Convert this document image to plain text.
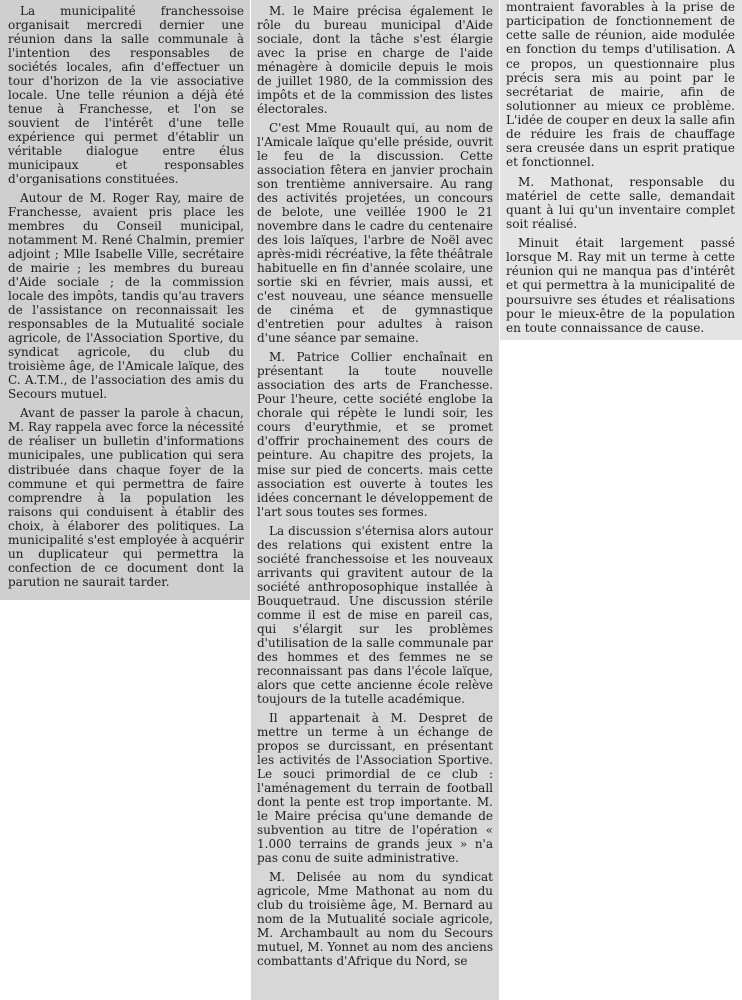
La municipalité franchessoise organisait mercredi dernier une réunion dans la salle communale à l'intention des responsables de sociétés locales, afin d'effectuer un tour d'horizon de la vie associative locale. Une telle réunion a déjà été tenue à Franchesse, et l'on se souvient de l'intérêt d'une telle expérience qui permet d'établir un véritable dialogue entre élus municipaux et responsables d'organisations constituées.

Autour de M. Roger Ray, maire de Franchesse, avaient pris place les membres du Conseil municipal, notamment M. René Chalmin, premier adjoint ; Mlle Isabelle Ville, secrétaire de mairie ; les membres du bureau d'Aide sociale ; de la commission locale des impôts, tandis qu'au travers de l'assistance on reconnaissait les responsables de la Mutualité sociale agricole, de l'Association Sportive, du syndicat agricole, du club du troisième âge, de l'Amicale laïque, des C. A.T.M., de l'association des amis du Secours mutuel.

Avant de passer la parole à chacun, M. Ray rappela avec force la nécessité de réaliser un bulletin d'informations municipales, une publication qui sera distribuée dans chaque foyer de la commune et qui permettra de faire comprendre à la population les raisons qui conduisent à établir des choix, à élaborer des politiques. La municipalité s'est employée à acquérir un duplicateur qui permettra la confection de ce document dont la parution ne saurait tarder.

M. le Maire précisa également le rôle du bureau municipal d'Aide sociale, dont la tâche s'est élargie avec la prise en charge de l'aide ménagère à domicile depuis le mois de juillet 1980, de la commission des impôts et de la commission des listes électorales.

C'est Mme Rouault qui, au nom de l'Amicale laïque qu'elle préside, ouvrit le feu de la discussion. Cette association fêtera en janvier prochain son trentième anniversaire. Au rang des activités projetées, un concours de belote, une veillée 1900 le 21 novembre dans le cadre du centenaire des lois laïques, l'arbre de Noël avec après-midi récréative, la fête théâtrale habituelle en fin d'année scolaire, une sortie ski en février, mais aussi, et c'est nouveau, une séance mensuelle de cinéma et de gymnastique d'entretien pour adultes à raison d'une séance par semaine.

M. Patrice Collier enchaînait en présentant la toute nouvelle association des arts de Franchesse. Pour l'heure, cette société englobe la chorale qui répète le lundi soir, les cours d'eurythmie, et se promet d'offrir prochainement des cours de peinture. Au chapitre des projets, la mise sur pied de concerts. mais cette association est ouverte à toutes les idées concernant le développement de l'art sous toutes ses formes.

La discussion s'éternisa alors autour des relations qui existent entre la société franchessoise et les nouveaux arrivants qui gravitent autour de la société anthroposophique installée à Bouquetraud. Une discussion stérile comme il est de mise en pareil cas, qui s'élargit sur les problèmes d'utilisation de la salle communale par des hommes et des femmes ne se reconnaissant pas dans l'école laïque, alors que cette ancienne école relève toujours de la tutelle académique.

Il appartenait à M. Despret de mettre un terme à un échange de propos se durcissant, en présentant les activités de l'Association Sportive. Le souci primordial de ce club : l'aménagement du terrain de football dont la pente est trop importante. M. le Maire précisa qu'une demande de subvention au titre de l'opération « 1.000 terrains de grands jeux » n'a pas conu de suite administrative.

M. Delisée au nom du syndicat agricole, Mme Mathonat au nom du club du troisième âge, M. Bernard au nom de la Mutualité sociale agricole, M. Archambault au nom du Secours mutuel, M. Yonnet au nom des anciens combattants d'Afrique du Nord, se

montraient favorables à la prise de participation de fonctionnement de cette salle de réunion, aide modulée en fonction du temps d'utilisation. A ce propos, un questionnaire plus précis sera mis au point par le secrétariat de mairie, afin de solutionner au mieux ce problème. L'idée de couper en deux la salle afin de réduire les frais de chauffage sera creusée dans un esprit pratique et fonctionnel.

M. Mathonat, responsable du matériel de cette salle, demandait quant à lui qu'un inventaire complet soit réalisé.

Minuit était largement passé lorsque M. Ray mit un terme à cette réunion qui ne manqua pas d'intérêt et qui permettra à la municipalité de poursuivre ses études et réalisations pour le mieux-être de la population en toute connaissance de cause.
